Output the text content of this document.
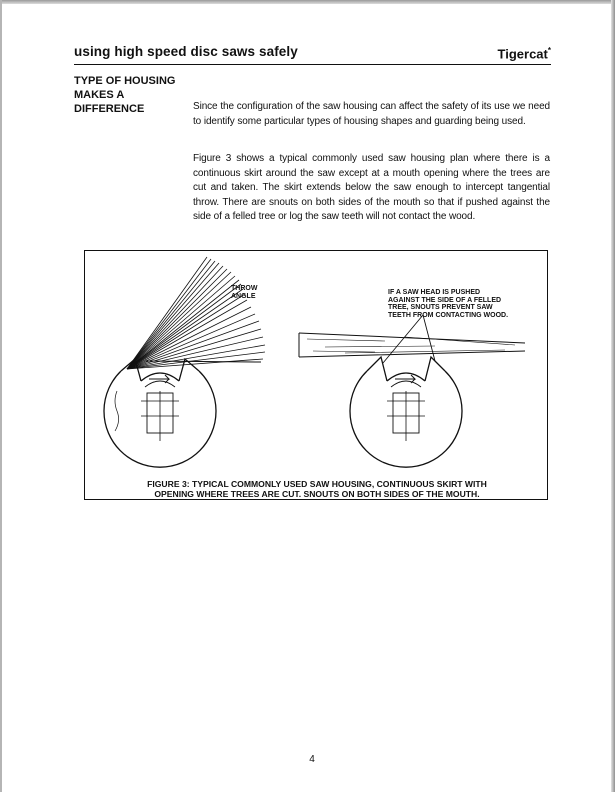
using high speed disc saws safely	Tigercat*
TYPE OF HOUSING
MAKES A
DIFFERENCE	Since the configuration of the saw housing can affect the safety of its use we need to identify some particular types of housing shapes and guarding being used.

Figure 3 shows a typical commonly used saw housing plan where there is a continuous skirt around the saw except at a mouth opening where the trees are cut and taken. The skirt extends below the saw enough to intercept tangential throw. There are snouts on both sides of the mouth so that if pushed against the side of a felled tree or log the saw teeth will not contact the wood.

THROW
ANGLE	IF A SAW HEAD IS PUSHED
AGAINST THE SIDE OF A FELLED
TREE, SNOUTS PREVENT SAW
TEETH FROM CONTACTING WOOD.
FIGURE 3: TYPICAL COMMONLY USED SAW HOUSING, CONTINUOUS SKIRT WITH
OPENING WHERE TREES ARE CUT. SNOUTS ON BOTH SIDES OF THE MOUTH.
4
